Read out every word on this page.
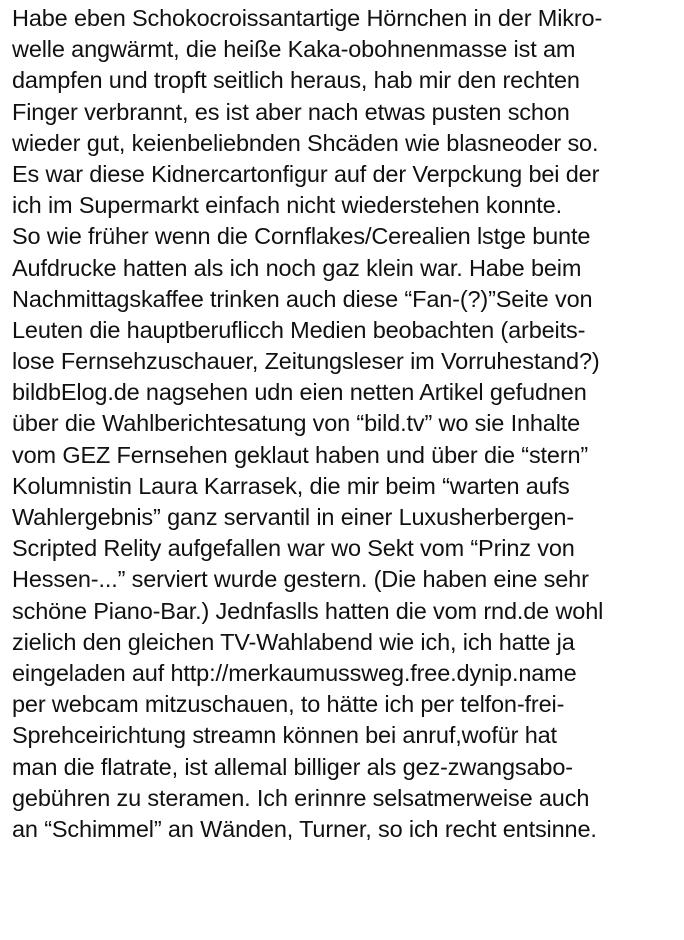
Habe eben Schokocroissantartige Hörnchen in der Mikro-
welle angwärmt, die heiße Kaka-obohnenmasse ist am
dampfen und tropft seitlich heraus, hab mir den rechten
Finger verbrannt, es ist aber nach etwas pusten schon
wieder gut, keienbeliebnden Shcäden wie blasneoder so.
Es war diese Kidnercartonfigur auf der Verpckung bei der
ich im Supermarkt einfach nicht wiederstehen konnte.
So wie früher wenn die Cornflakes/Cerealien lstge bunte
Aufdrucke hatten als ich noch gaz klein war. Habe beim
Nachmittagskaffee trinken auch diese “Fan-(?)”Seite von
Leuten die hauptberuflicch Medien beobachten (arbeits-
lose Fernsehzuschauer, Zeitungsleser im Vorruhestand?)
bildbElog.de nagsehen udn eien netten Artikel gefudnen
über die Wahlberichtesatung von “bild.tv” wo sie Inhalte
vom GEZ Fernsehen geklaut haben und über die “stern”
Kolumnistin Laura Karrasek, die mir beim “warten aufs
Wahlergebnis” ganz servantil in einer Luxusherbergen-
Scripted Relity aufgefallen war wo Sekt vom “Prinz von
Hessen-...” serviert wurde gestern. (Die haben eine sehr
schöne Piano-Bar.) Jednfaslls hatten die vom rnd.de wohl
zielich den gleichen TV-Wahlabend wie ich, ich hatte ja
eingeladen auf http://merkaumussweg.free.dynip.name
per webcam mitzuschauen, to hätte ich per telfon-frei-
Sprehceirichtung streamn können bei anruf,wofür hat
man die flatrate, ist allemal billiger als gez-zwangsabo-
gebühren zu steramen. Ich erinnre selsatmerweise auch
an “Schimmel” an Wänden, Turner, so ich recht entsinne.
